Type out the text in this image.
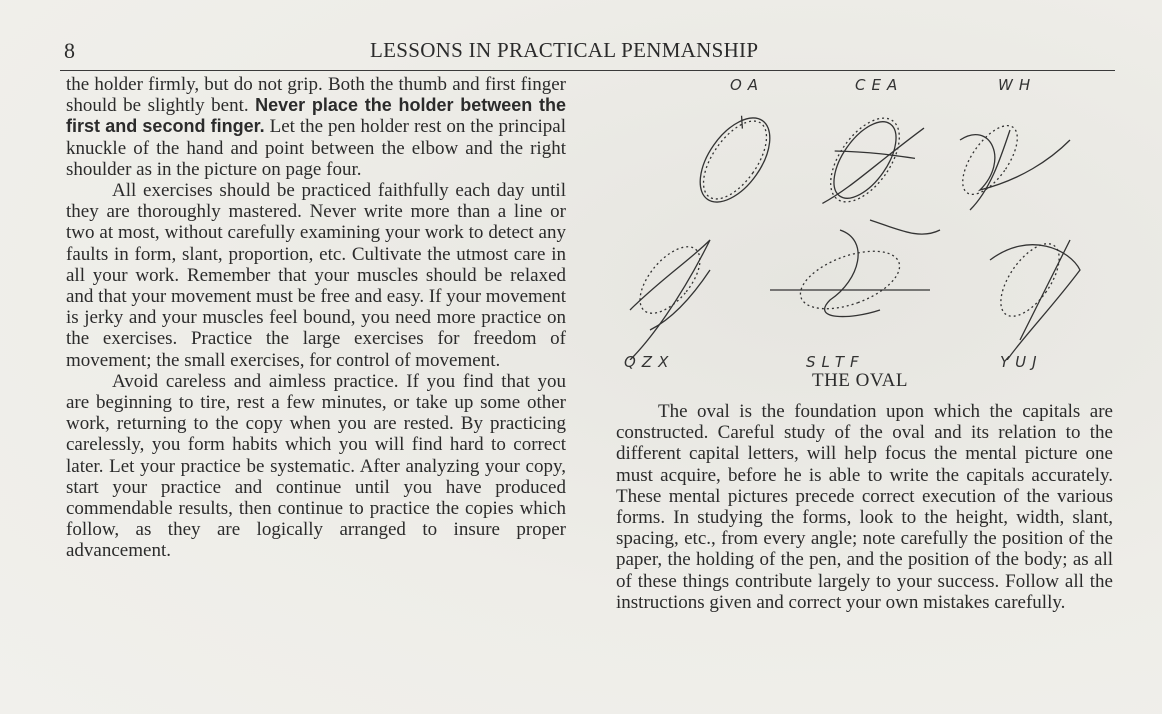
8	LESSONS IN PRACTICAL PENMANSHIP

the holder firmly, but do not grip. Both the thumb and first finger should be slightly bent. Never place the holder between the first and second finger. Let the pen holder rest on the principal knuckle of the hand and point between the elbow and the right shoulder as in the picture on page four.

All exercises should be practiced faithfully each day until they are thoroughly mastered. Never write more than a line or two at most, without carefully examining your work to detect any faults in form, slant, proportion, etc. Cultivate the utmost care in all your work. Remember that your muscles should be relaxed and that your movement must be free and easy. If your movement is jerky and your muscles feel bound, you need more practice on the exercises. Practice the large exercises for freedom of movement; the small exercises, for control of movement.

Avoid careless and aimless practice. If you find that you are beginning to tire, rest a few minutes, or take up some other work, returning to the copy when you are rested. By practicing carelessly, you form habits which you will find hard to correct later. Let your practice be systematic. After analyzing your copy, start your practice and continue until you have produced commendable results, then continue to practice the copies which follow, as they are logically arranged to insure proper advancement.

OA	CEA	WH
QZX	SLTF	YUJ
THE OVAL

The oval is the foundation upon which the capitals are constructed. Careful study of the oval and its relation to the different capital letters, will help focus the mental picture one must acquire, before he is able to write the capitals accurately. These mental pictures precede correct execution of the various forms. In studying the forms, look to the height, width, slant, spacing, etc., from every angle; note carefully the position of the paper, the holding of the pen, and the position of the body; as all of these things contribute largely to your success. Follow all the instructions given and correct your own mistakes carefully.
